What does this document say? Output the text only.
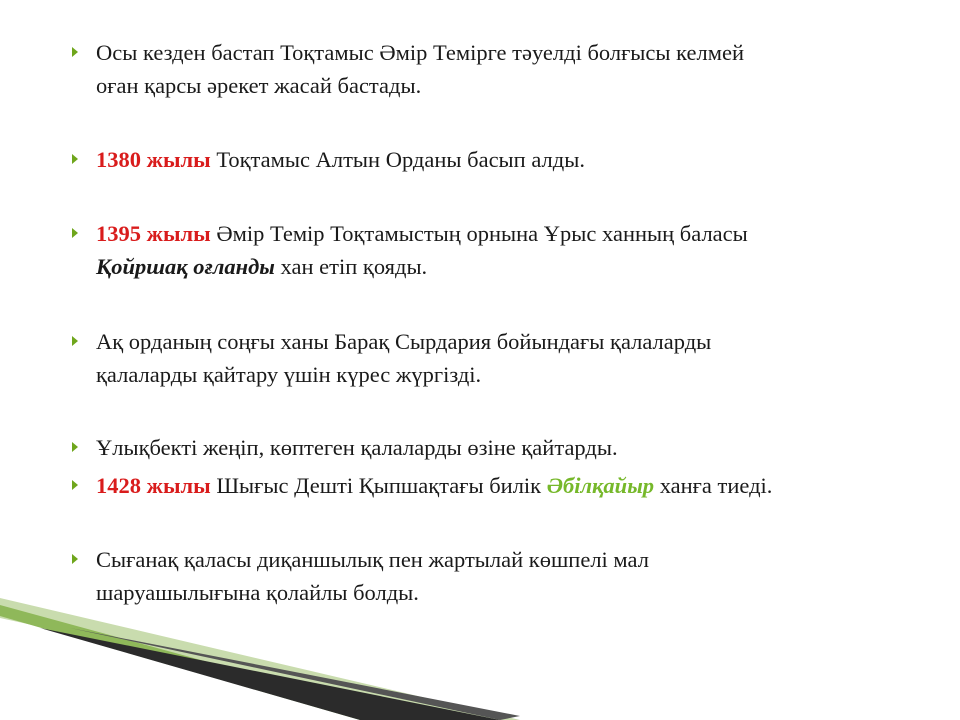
Осы кезден бастап Тоқтамыс Әмір Темірге тәуелді болғысы келмей
оған қарсы әрекет жасай бастады.
1380 жылы Тоқтамыс Алтын Орданы басып алды.
1395 жылы Әмір Темір Тоқтамыстың орнына Ұрыс ханның баласы
Қойршақ оғланды хан етіп қояды.
Ақ орданың соңғы ханы Барақ Сырдария бойындағы қалаларды
қалаларды қайтару үшін күрес жүргізді.
Ұлықбекті жеңіп, көптеген қалаларды өзіне қайтарды.
1428 жылы Шығыс Дешті Қыпшақтағы билік Әбілқайыр ханға тиеді.
Сығанақ қаласы диқаншылық пен жартылай көшпелі мал
шаруашылығына қолайлы болды.
